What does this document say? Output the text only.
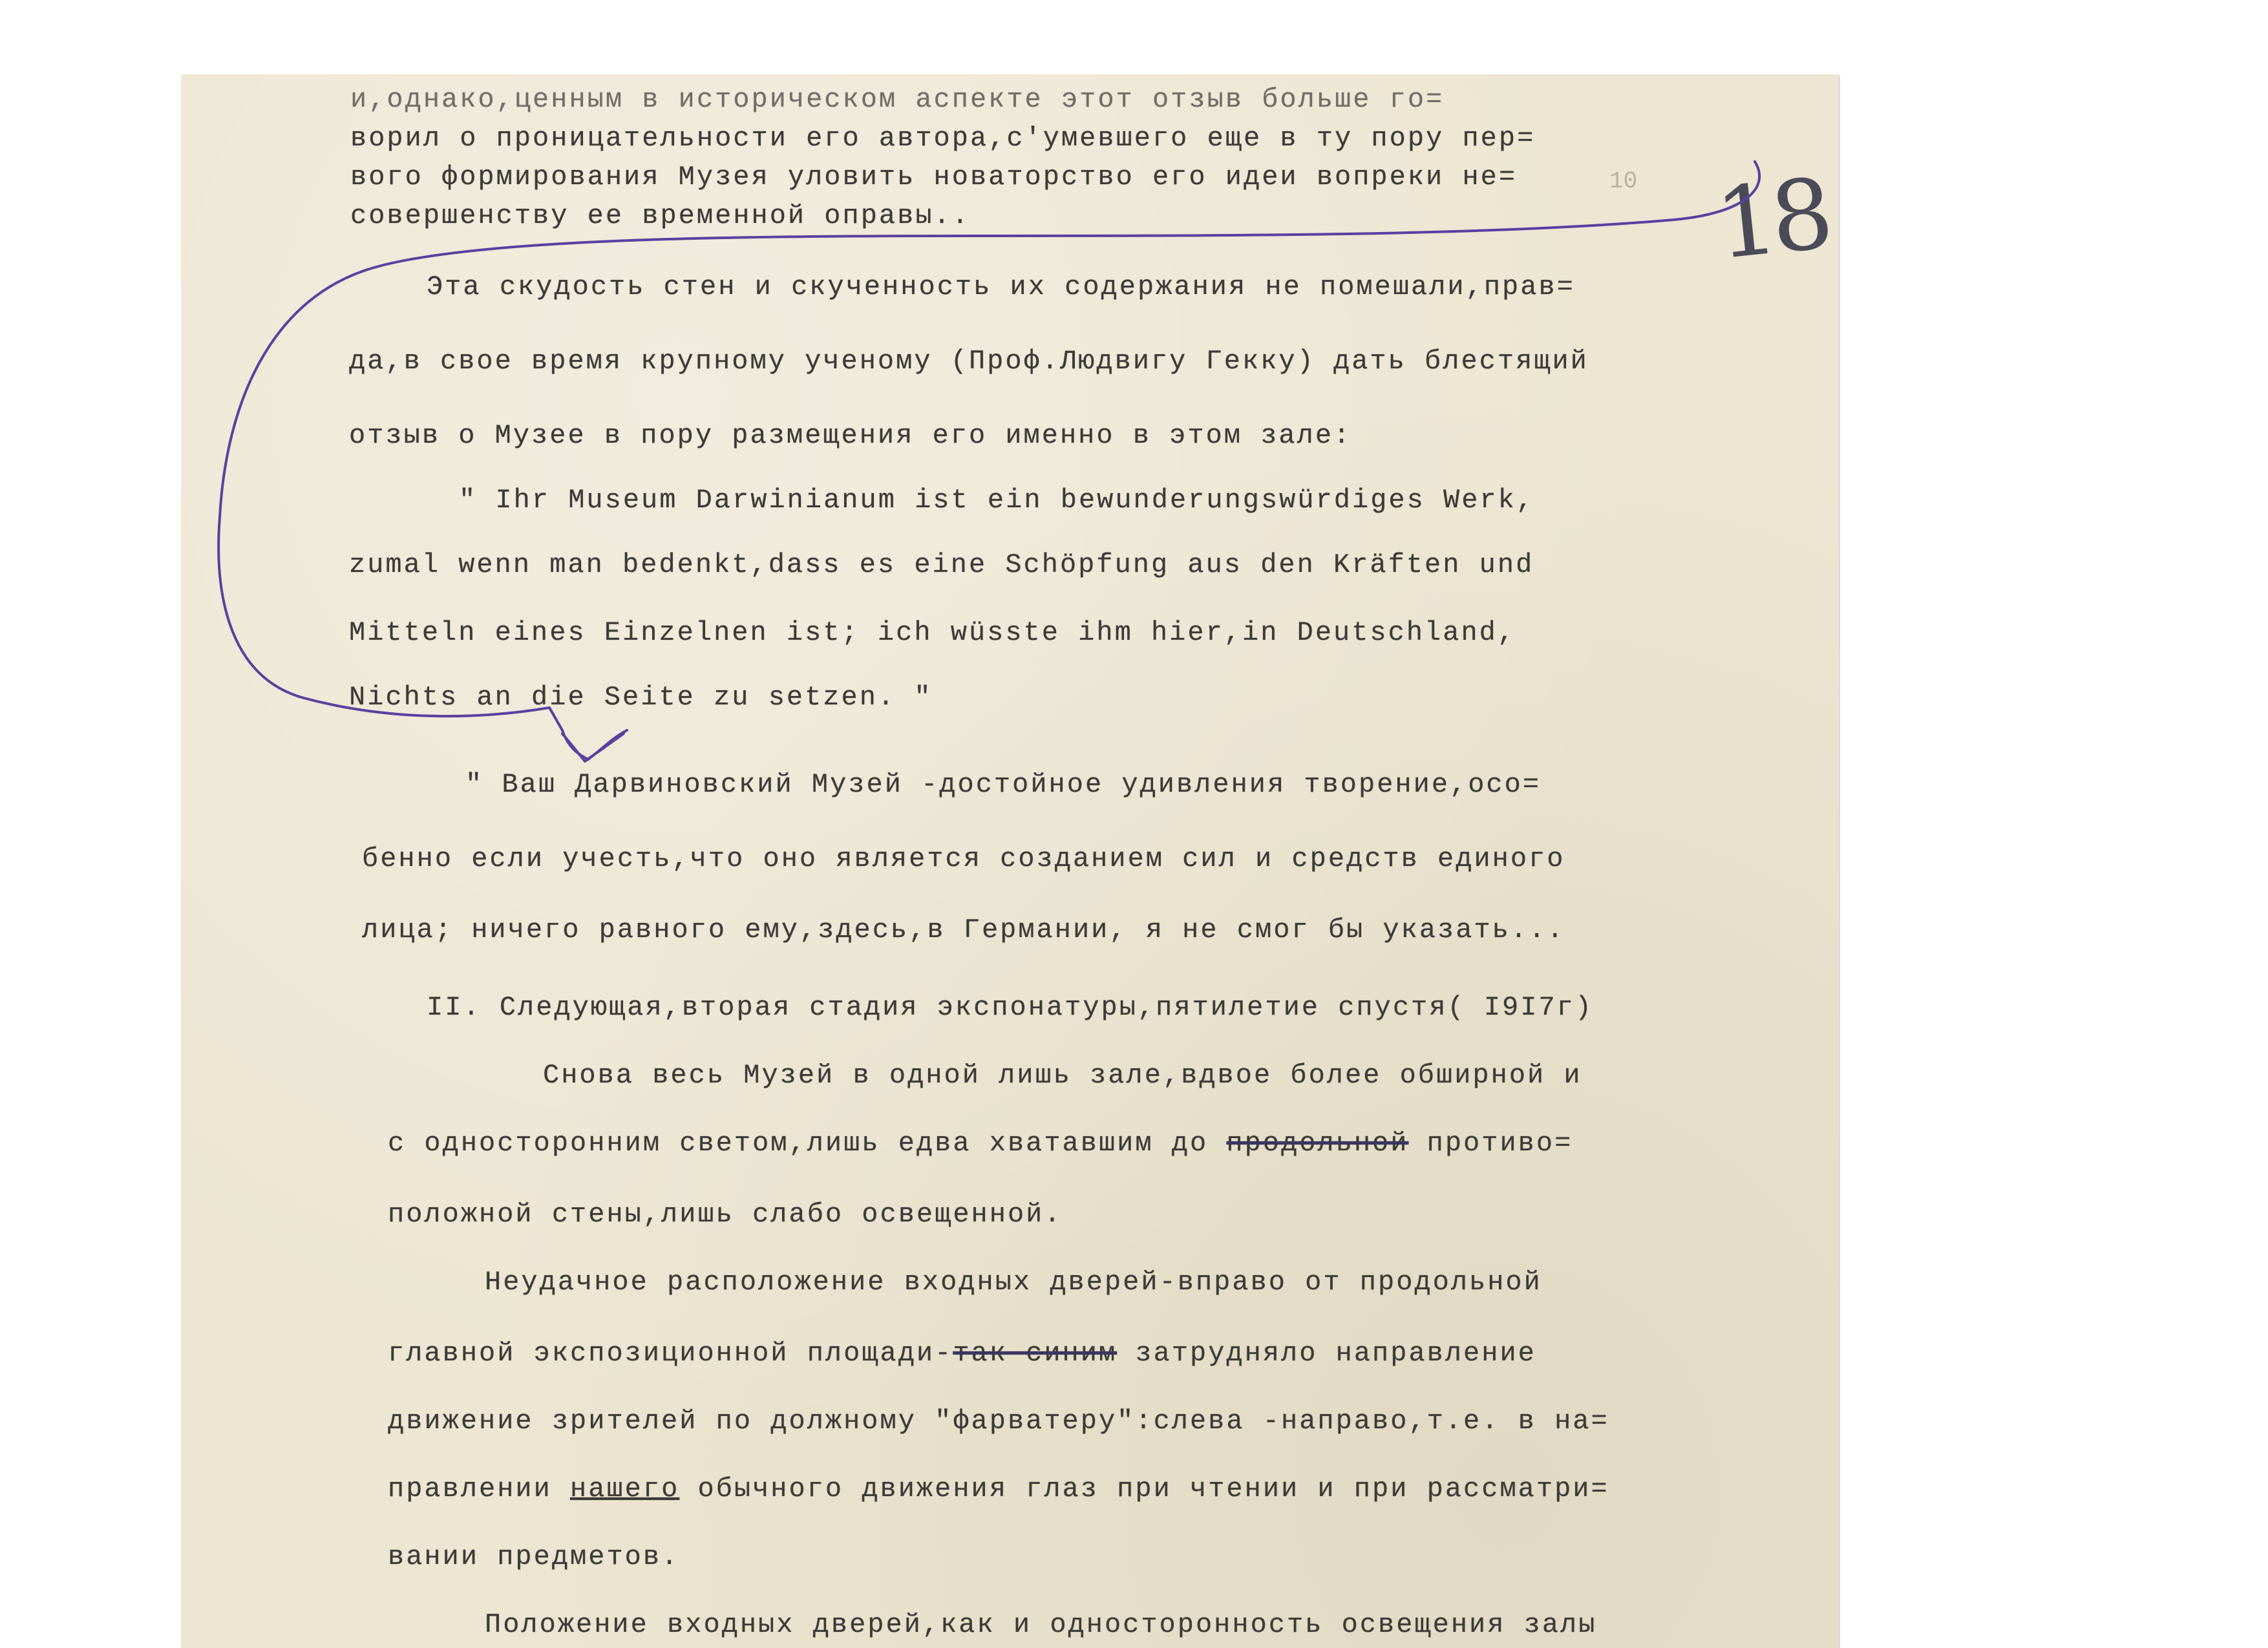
и,однако,ценным в историческом аспекте этот отзыв больше го=

ворил о проницательности его автора,с'умевшего еще в ту пору пер=

вого формирования Музея уловить новаторство его идеи вопреки не=

совершенству ее временной оправы..

Эта скудость стен и скученность их содержания не помешали,прав=

да,в свое время крупному ученому (Проф.Людвигу Гекку) дать блестящий

отзыв о Музее в пору размещения его именно в этом зале:

" Ihr Museum Darwinianum ist ein bewunderungswürdiges Werk,

zumal wenn man bedenkt,dass es eine Schöpfung aus den Kräften und

Mitteln eines Einzelnen ist; ich wüsste ihm hier,in Deutschland,

Nichts an die Seite zu setzen. "

" Ваш Дарвиновский Музей -достойное удивления творение,осо=

бенно если учесть,что оно является созданием сил и средств единого

лица; ничего равного ему,здесь,в Германии, я не смог бы указать...

II. Следующая,вторая стадия экспонатуры,пятилетие спустя( I9I7г)

Снова весь Музей в одной лишь зале,вдвое более обширной и

с односторонним светом,лишь едва хватавшим до продольной противо=

положной стены,лишь слабо освещенной.

Неудачное расположение входных дверей-вправо от продольной

главной экспозиционной площади-так синим затрудняло направление

движение зрителей по должному "фарватеру":слева -направо,т.е. в на=

правлении нашего обычного движения глаз при чтении и при рассматри=

вании предметов.

Положение входных дверей,как и односторонность освещения залы

18
10
